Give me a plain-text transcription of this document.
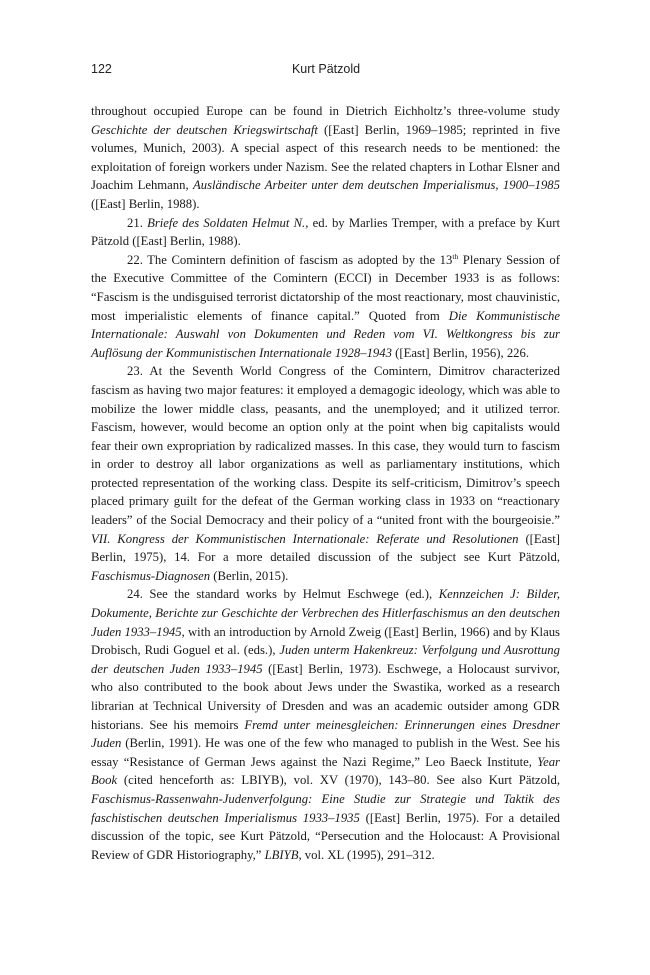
122	Kurt Pätzold

throughout occupied Europe can be found in Dietrich Eichholtz’s three-volume study Geschichte der deutschen Kriegswirtschaft ([East] Berlin, 1969–1985; reprinted in five volumes, Munich, 2003). A special aspect of this research needs to be mentioned: the exploitation of foreign workers under Nazism. See the related chapters in Lothar Elsner and Joachim Lehmann, Ausländische Arbeiter unter dem deutschen Imperialismus, 1900–1985 ([East] Berlin, 1988).

21. Briefe des Soldaten Helmut N., ed. by Marlies Tremper, with a preface by Kurt Pätzold ([East] Berlin, 1988).

22. The Comintern definition of fascism as adopted by the 13th Plenary Session of the Executive Committee of the Comintern (ECCI) in December 1933 is as follows: “Fascism is the undisguised terrorist dictatorship of the most reactionary, most chauvinistic, most imperialistic elements of finance capital.” Quoted from Die Kommunistische Internationale: Auswahl von Dokumenten und Reden vom VI. Weltkongress bis zur Auflösung der Kommunistischen Internationale 1928–1943 ([East] Berlin, 1956), 226.

23. At the Seventh World Congress of the Comintern, Dimitrov characterized fascism as having two major features: it employed a demagogic ideology, which was able to mobilize the lower middle class, peasants, and the unemployed; and it utilized terror. Fascism, however, would become an option only at the point when big capitalists would fear their own expropriation by radicalized masses. In this case, they would turn to fascism in order to destroy all labor organizations as well as parliamentary institutions, which protected representation of the working class. Despite its self-criticism, Dimitrov’s speech placed primary guilt for the defeat of the German working class in 1933 on “reactionary leaders” of the Social Democracy and their policy of a “united front with the bourgeoisie.” VII. Kongress der Kommunistischen Internationale: Referate und Resolutionen ([East] Berlin, 1975), 14. For a more detailed discussion of the subject see Kurt Pätzold, Faschismus-Diagnosen (Berlin, 2015).

24. See the standard works by Helmut Eschwege (ed.), Kennzeichen J: Bilder, Dokumente, Berichte zur Geschichte der Verbrechen des Hitlerfaschismus an den deutschen Juden 1933–1945, with an introduction by Arnold Zweig ([East] Berlin, 1966) and by Klaus Drobisch, Rudi Goguel et al. (eds.), Juden unterm Hakenkreuz: Verfolgung und Ausrottung der deutschen Juden 1933–1945 ([East] Berlin, 1973). Eschwege, a Holocaust survivor, who also contributed to the book about Jews under the Swastika, worked as a research librarian at Technical University of Dresden and was an academic outsider among GDR historians. See his memoirs Fremd unter meinesgleichen: Erinnerungen eines Dresdner Juden (Berlin, 1991). He was one of the few who managed to publish in the West. See his essay “Resistance of German Jews against the Nazi Regime,” Leo Baeck Institute, Year Book (cited henceforth as: LBIYB), vol. XV (1970), 143–80. See also Kurt Pätzold, Faschismus-Rassenwahn-Judenverfolgung: Eine Studie zur Strategie und Taktik des faschistischen deutschen Imperialismus 1933–1935 ([East] Berlin, 1975). For a detailed discussion of the topic, see Kurt Pätzold, “Persecution and the Holocaust: A Provisional Review of GDR Historiography,” LBIYB, vol. XL (1995), 291–312.
